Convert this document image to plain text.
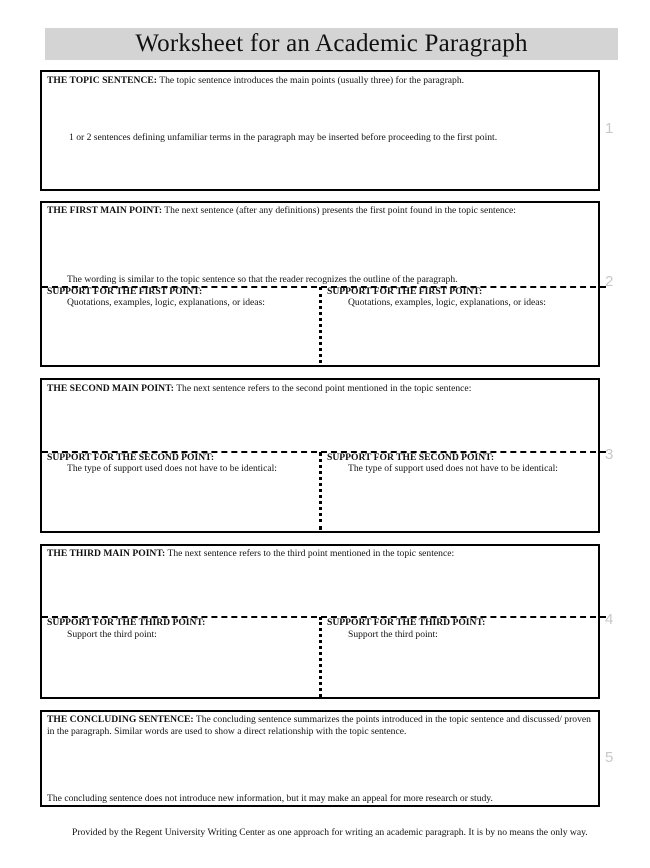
Worksheet for an Academic Paragraph
THE TOPIC SENTENCE: The topic sentence introduces the main points (usually three) for the paragraph.
1 or 2 sentences defining unfamiliar terms in the paragraph may be inserted before proceeding to the first point.
1
THE FIRST MAIN POINT: The next sentence (after any definitions) presents the first point found in the topic sentence:
The wording is similar to the topic sentence so that the reader recognizes the outline of the paragraph.
SUPPORT FOR THE FIRST POINT:
Quotations, examples, logic, explanations, or ideas:
SUPPORT FOR THE FIRST POINT:
Quotations, examples, logic, explanations, or ideas:
2
THE SECOND MAIN POINT: The next sentence refers to the second point mentioned in the topic sentence:
SUPPORT FOR THE SECOND POINT:
The type of support used does not have to be identical:
SUPPORT FOR THE SECOND POINT:
The type of support used does not have to be identical:
3
THE THIRD MAIN POINT: The next sentence refers to the third point mentioned in the topic sentence:
SUPPORT FOR THE THIRD POINT:
Support the third point:
SUPPORT FOR THE THIRD POINT:
Support the third point:
4
THE CONCLUDING SENTENCE: The concluding sentence summarizes the points introduced in the topic sentence and discussed/ proven in the paragraph. Similar words are used to show a direct relationship with the topic sentence.
The concluding sentence does not introduce new information, but it may make an appeal for more research or study.
5
Provided by the Regent University Writing Center as one approach for writing an academic paragraph. It is by no means the only way.
